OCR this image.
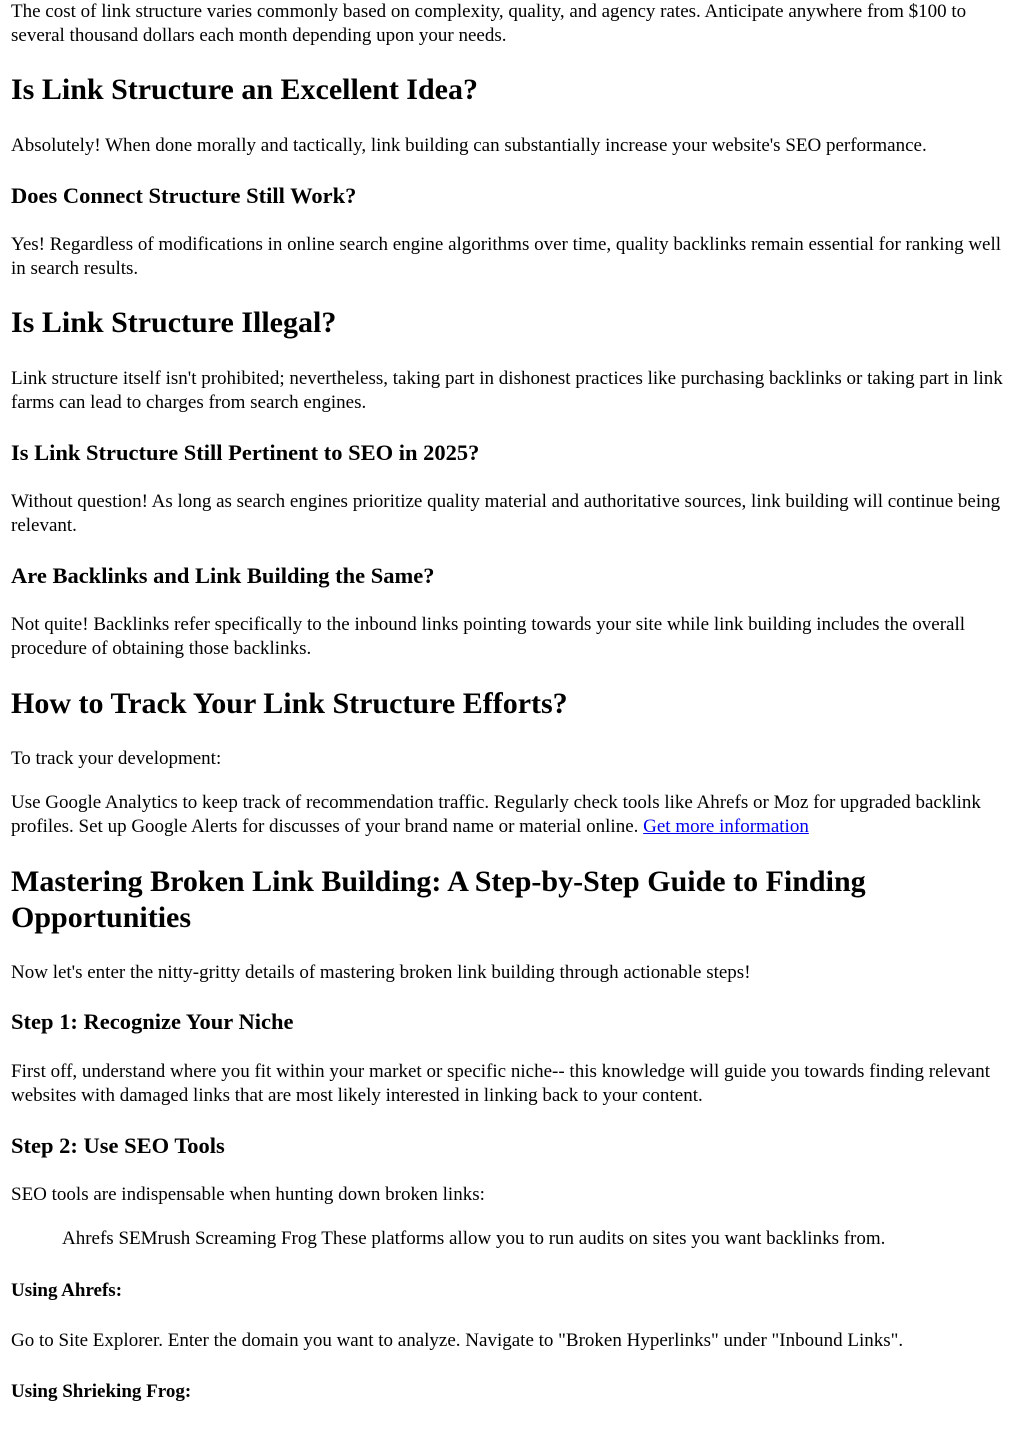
The cost of link structure varies commonly based on complexity, quality, and agency rates. Anticipate anywhere from $100 to several thousand dollars each month depending upon your needs.

Is Link Structure an Excellent Idea?

Absolutely! When done morally and tactically, link building can substantially increase your website's SEO performance.

Does Connect Structure Still Work?

Yes! Regardless of modifications in online search engine algorithms over time, quality backlinks remain essential for ranking well in search results.

Is Link Structure Illegal?

Link structure itself isn't prohibited; nevertheless, taking part in dishonest practices like purchasing backlinks or taking part in link farms can lead to charges from search engines.

Is Link Structure Still Pertinent to SEO in 2025?

Without question! As long as search engines prioritize quality material and authoritative sources, link building will continue being relevant.

Are Backlinks and Link Building the Same?

Not quite! Backlinks refer specifically to the inbound links pointing towards your site while link building includes the overall procedure of obtaining those backlinks.

How to Track Your Link Structure Efforts?

To track your development:

Use Google Analytics to keep track of recommendation traffic. Regularly check tools like Ahrefs or Moz for upgraded backlink profiles. Set up Google Alerts for discusses of your brand name or material online. Get more information

Mastering Broken Link Building: A Step-by-Step Guide to Finding Opportunities

Now let's enter the nitty-gritty details of mastering broken link building through actionable steps!

Step 1: Recognize Your Niche

First off, understand where you fit within your market or specific niche-- this knowledge will guide you towards finding relevant websites with damaged links that are most likely interested in linking back to your content.

Step 2: Use SEO Tools

SEO tools are indispensable when hunting down broken links:

Ahrefs SEMrush Screaming Frog These platforms allow you to run audits on sites you want backlinks from.

Using Ahrefs:

Go to Site Explorer. Enter the domain you want to analyze. Navigate to "Broken Hyperlinks" under "Inbound Links".

Using Shrieking Frog:
